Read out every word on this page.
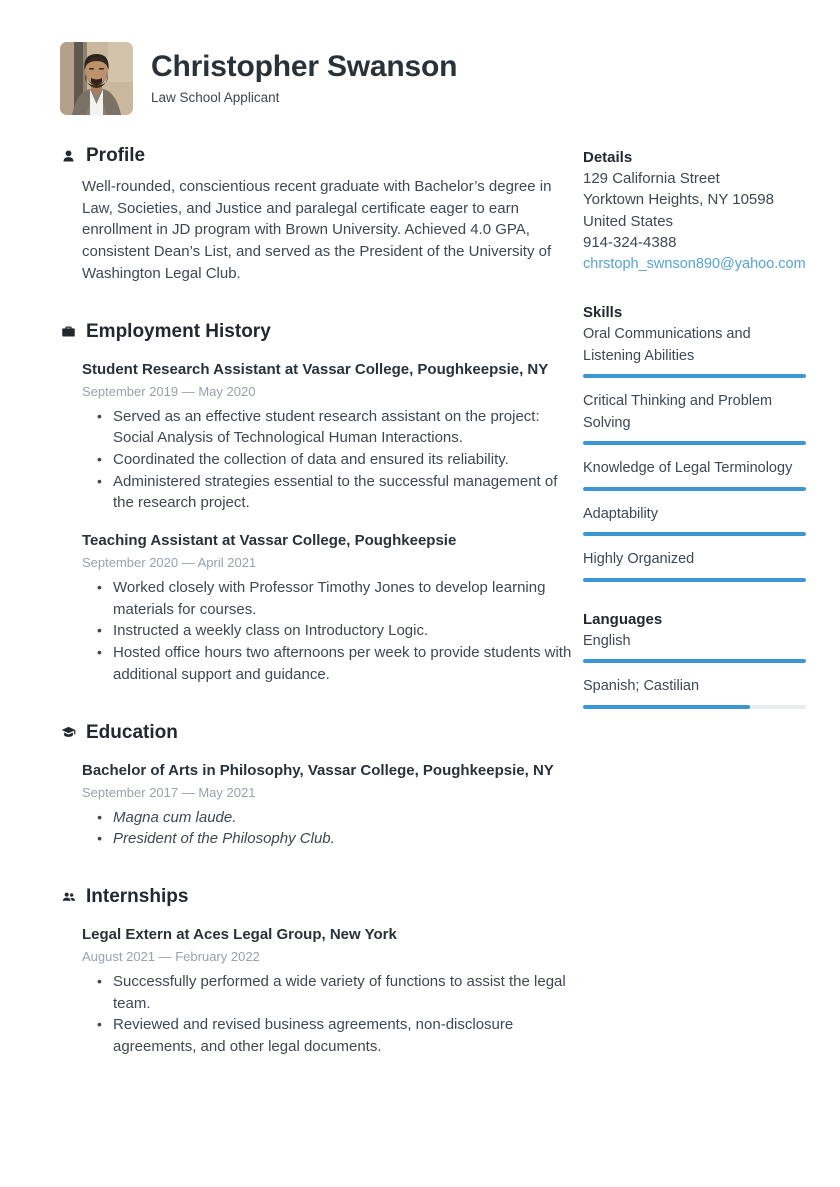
Christopher Swanson
Law School Applicant
Profile

Well-rounded, conscientious recent graduate with Bachelor’s degree in Law, Societies, and Justice and paralegal certificate eager to earn enrollment in JD program with Brown University. Achieved 4.0 GPA, consistent Dean’s List, and served as the President of the University of Washington Legal Club.

Employment History
Student Research Assistant at Vassar College, Poughkeepsie, NY
September 2019 — May 2020
• Served as an effective student research assistant on the project: Social Analysis of Technological Human Interactions.
• Coordinated the collection of data and ensured its reliability.
• Administered strategies essential to the successful management of the research project.
Teaching Assistant at Vassar College, Poughkeepsie
September 2020 — April 2021
• Worked closely with Professor Timothy Jones to develop learning materials for courses.
• Instructed a weekly class on Introductory Logic.
• Hosted office hours two afternoons per week to provide students with additional support and guidance.
Education
Bachelor of Arts in Philosophy, Vassar College, Poughkeepsie, NY
September 2017 — May 2021
• Magna cum laude.
• President of the Philosophy Club.
Internships
Legal Extern at Aces Legal Group, New York
August 2021 — February 2022
• Successfully performed a wide variety of functions to assist the legal team.
• Reviewed and revised business agreements, non-disclosure agreements, and other legal documents.
Details
129 California Street
Yorktown Heights, NY 10598
United States
914-324-4388
chrstoph_swnson890@yahoo.com
Skills
Oral Communications and Listening Abilities
Critical Thinking and Problem Solving
Knowledge of Legal Terminology
Adaptability
Highly Organized
Languages
English
Spanish; Castilian
